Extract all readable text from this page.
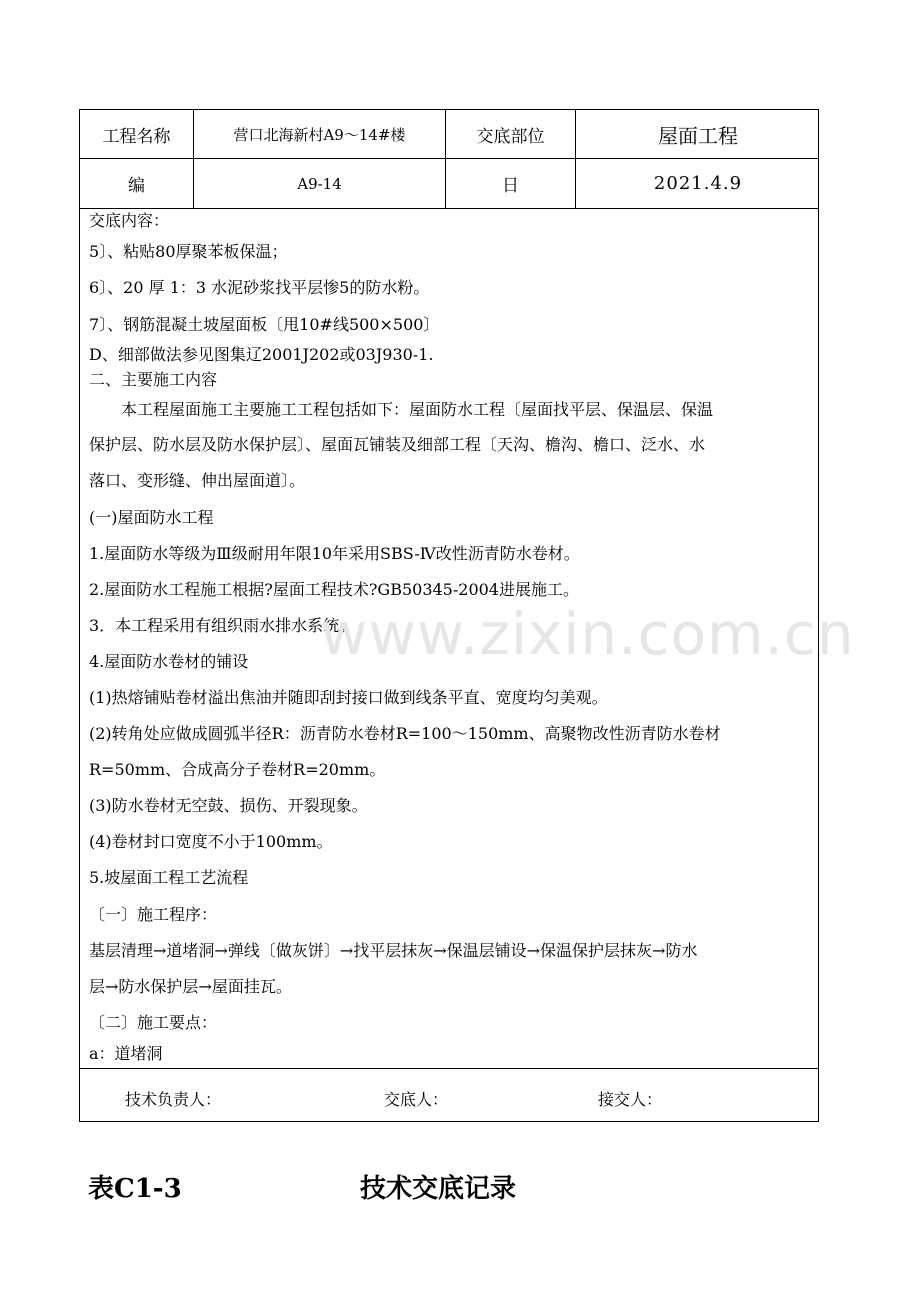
工程名称	营口北海新村A9～14#楼	交底部位	屋面工程
编	A9-14	日	2021.4.9
交底内容：
5〕、粘贴80厚聚苯板保温；
6〕、20 厚 1：3 水泥砂浆找平层惨5的防水粉。
7〕、钢筋混凝土坡屋面板〔甩10#线500×500〕
D、细部做法参见图集辽2001J202或03J930-1.
二、主要施工内容
本工程屋面施工主要施工工程包括如下：屋面防水工程〔屋面找平层、保温层、保温
保护层、防水层及防水保护层〕、屋面瓦铺装及细部工程〔天沟、檐沟、檐口、泛水、水
落口、变形缝、伸出屋面道〕。
(一)屋面防水工程
1.屋面防水等级为Ⅲ级耐用年限10年采用SBS-Ⅳ改性沥青防水卷材。
2.屋面防水工程施工根据?屋面工程技术?GB50345-2004进展施工。
3．本工程采用有组织雨水排水系统。
4.屋面防水卷材的铺设
(1)热熔铺贴卷材溢出焦油并随即刮封接口做到线条平直、宽度均匀美观。
(2)转角处应做成圆弧半径R：沥青防水卷材R=100～150mm、高聚物改性沥青防水卷材
R=50mm、合成高分子卷材R=20mm。
(3)防水卷材无空鼓、损伤、开裂现象。
(4)卷材封口宽度不小于100mm。
5.坡屋面工程工艺流程
〔一〕施工程序：
基层清理→道堵洞→弹线〔做灰饼〕→找平层抹灰→保温层铺设→保温保护层抹灰→防水
层→防水保护层→屋面挂瓦。
〔二〕施工要点：
a：道堵洞
技术负责人：	交底人：	接交人：
表C1-3	技术交底记录
www.zixin.com.cn
